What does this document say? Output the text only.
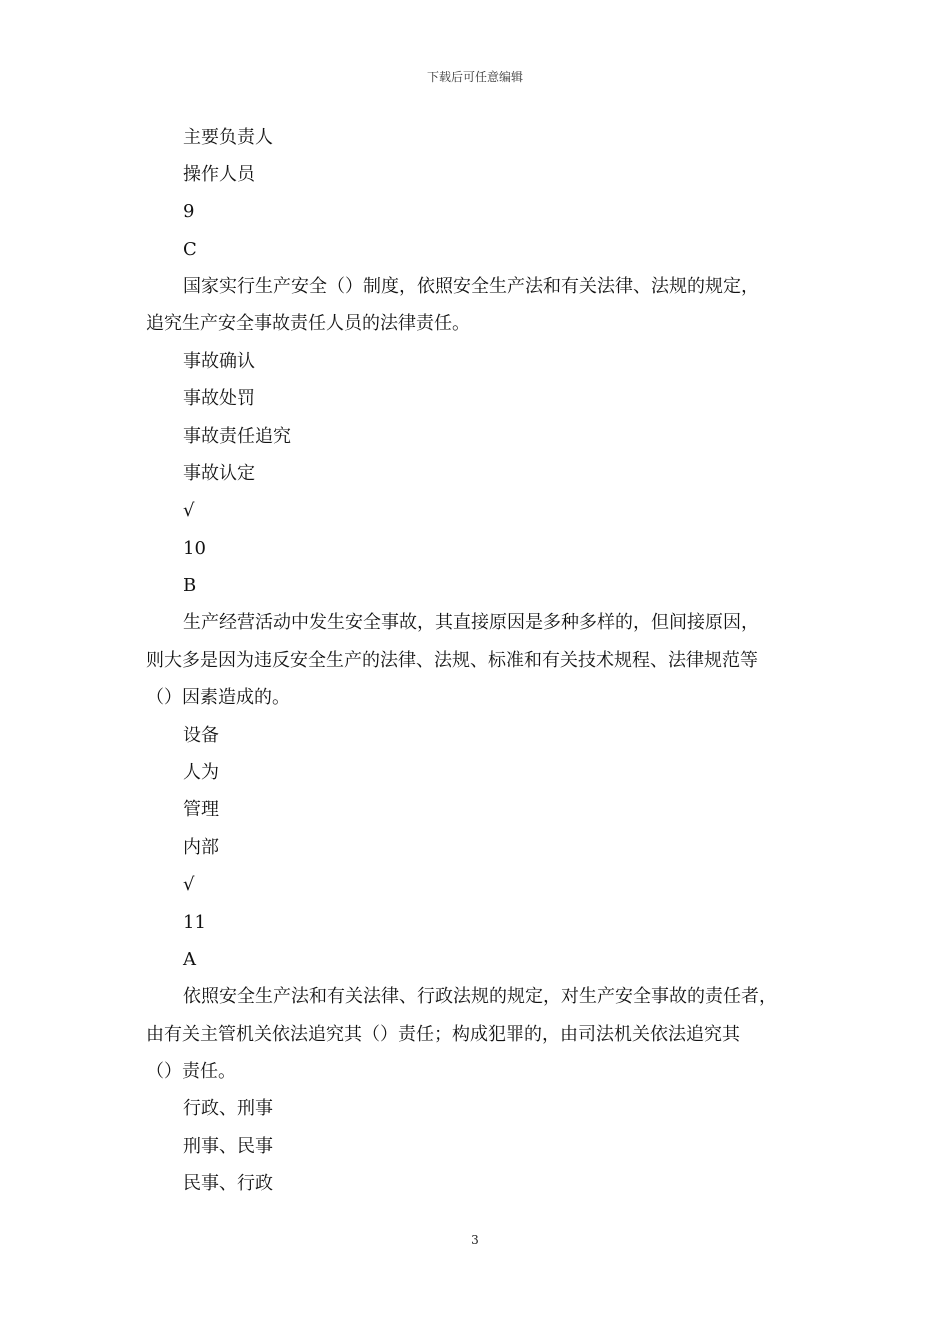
下载后可任意编辑
主要负责人
操作人员
9
C
国家实行生产安全（）制度，依照安全生产法和有关法律、法规的规定，
追究生产安全事故责任人员的法律责任。
事故确认
事故处罚
事故责任追究
事故认定
√
10
B
生产经营活动中发生安全事故，其直接原因是多种多样的，但间接原因，
则大多是因为违反安全生产的法律、法规、标准和有关技术规程、法律规范等
（）因素造成的。
设备
人为
管理
内部
√
11
A
依照安全生产法和有关法律、行政法规的规定，对生产安全事故的责任者，
由有关主管机关依法追究其（）责任；构成犯罪的，由司法机关依法追究其
（）责任。
行政、刑事
刑事、民事
民事、行政
3
